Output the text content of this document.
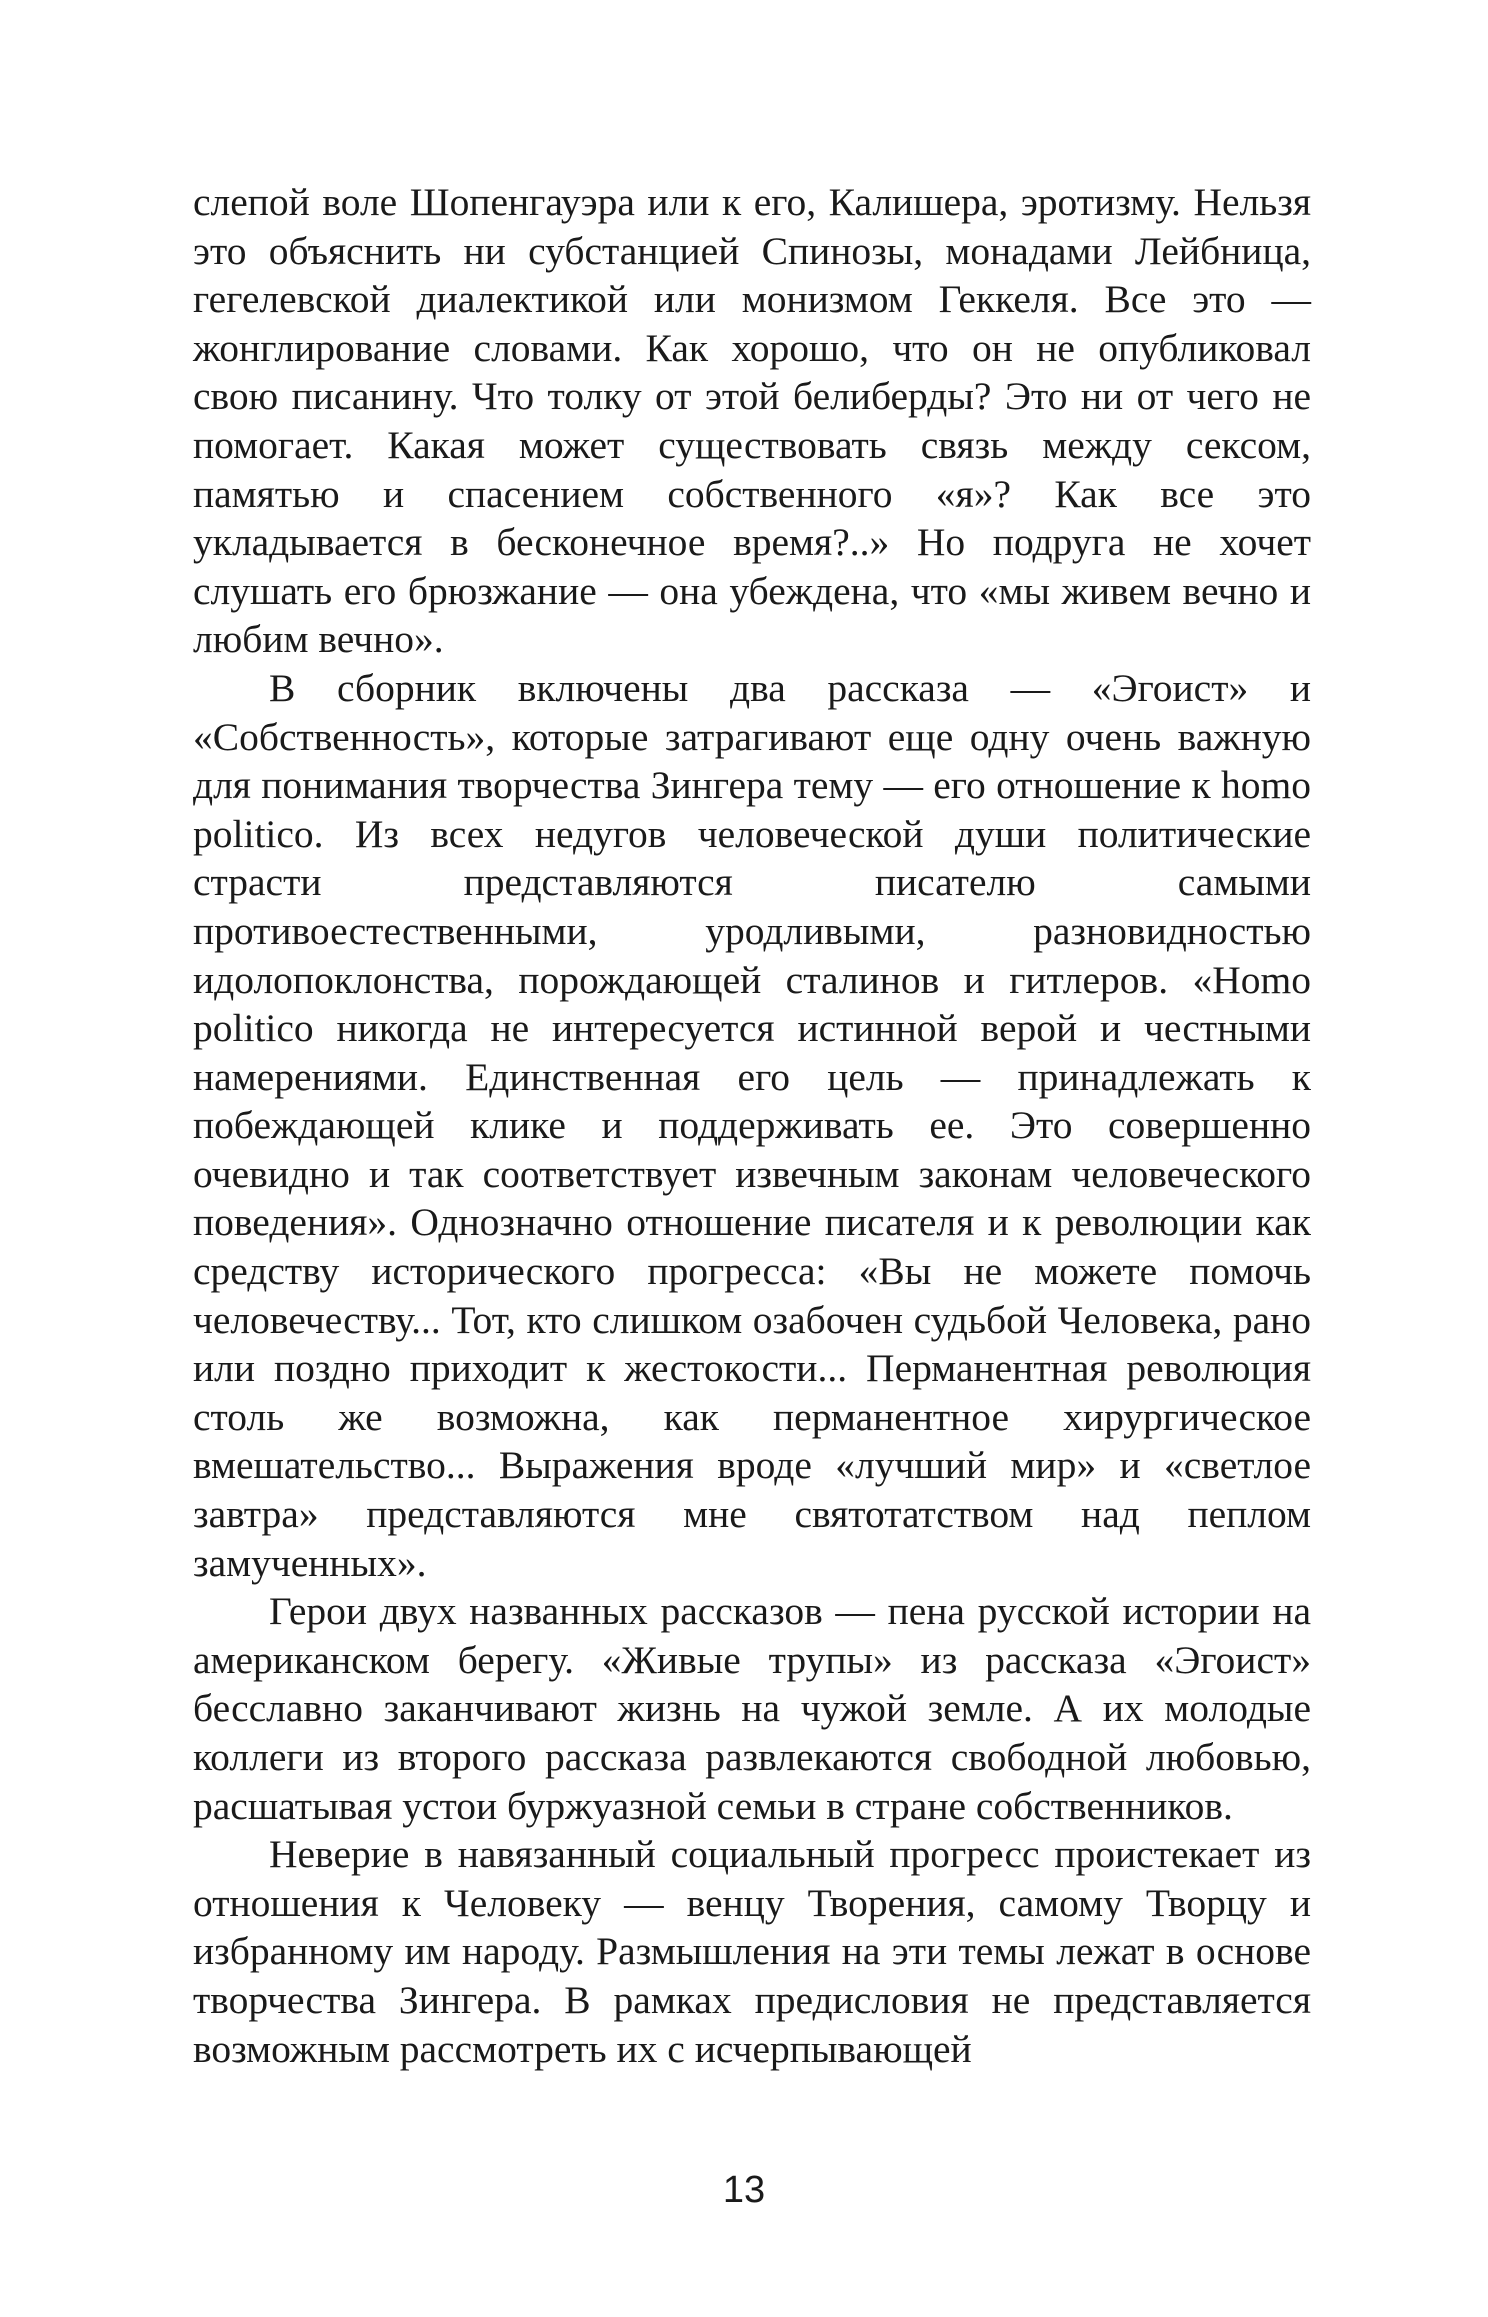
слепой воле Шопенгауэра или к его, Калишера, эротизму. Нельзя это объяснить ни субстанцией Спинозы, монадами Лейбница, гегелевской диалектикой или монизмом Геккеля. Все это — жонглирование словами. Как хорошо, что он не опубликовал свою писанину. Что толку от этой белиберды? Это ни от чего не помогает. Какая может существовать связь между сексом, памятью и спасением собственного «я»? Как все это укладывается в бесконечное время?..» Но подруга не хочет слушать его брюзжание — она убеждена, что «мы живем вечно и любим вечно».

В сборник включены два рассказа — «Эгоист» и «Собственность», которые затрагивают еще одну очень важную для понимания творчества Зингера тему — его отношение к homo politico. Из всех недугов человеческой души политические страсти представляются писателю самыми противоестественными, уродливыми, разновидностью идолопоклонства, порождающей сталинов и гитлеров. «Homo politico никогда не интересуется истинной верой и честными намерениями. Единственная его цель — принадлежать к побеждающей клике и поддерживать ее. Это совершенно очевидно и так соответствует извечным законам человеческого поведения». Однозначно отношение писателя и к революции как средству исторического прогресса: «Вы не можете помочь человечеству... Тот, кто слишком озабочен судьбой Человека, рано или поздно приходит к жестокости... Перманентная революция столь же возможна, как перманентное хирургическое вмешательство... Выражения вроде «лучший мир» и «светлое завтра» представляются мне святотатством над пеплом замученных».

Герои двух названных рассказов — пена русской истории на американском берегу. «Живые трупы» из рассказа «Эгоист» бесславно заканчивают жизнь на чужой земле. А их молодые коллеги из второго рассказа развлекаются свободной любовью, расшатывая устои буржуазной семьи в стране собственников.

Неверие в навязанный социальный прогресс проистекает из отношения к Человеку — венцу Творения, самому Творцу и избранному им народу. Размышления на эти темы лежат в основе творчества Зингера. В рамках предисловия не представляется возможным рассмотреть их с исчерпывающей

13
